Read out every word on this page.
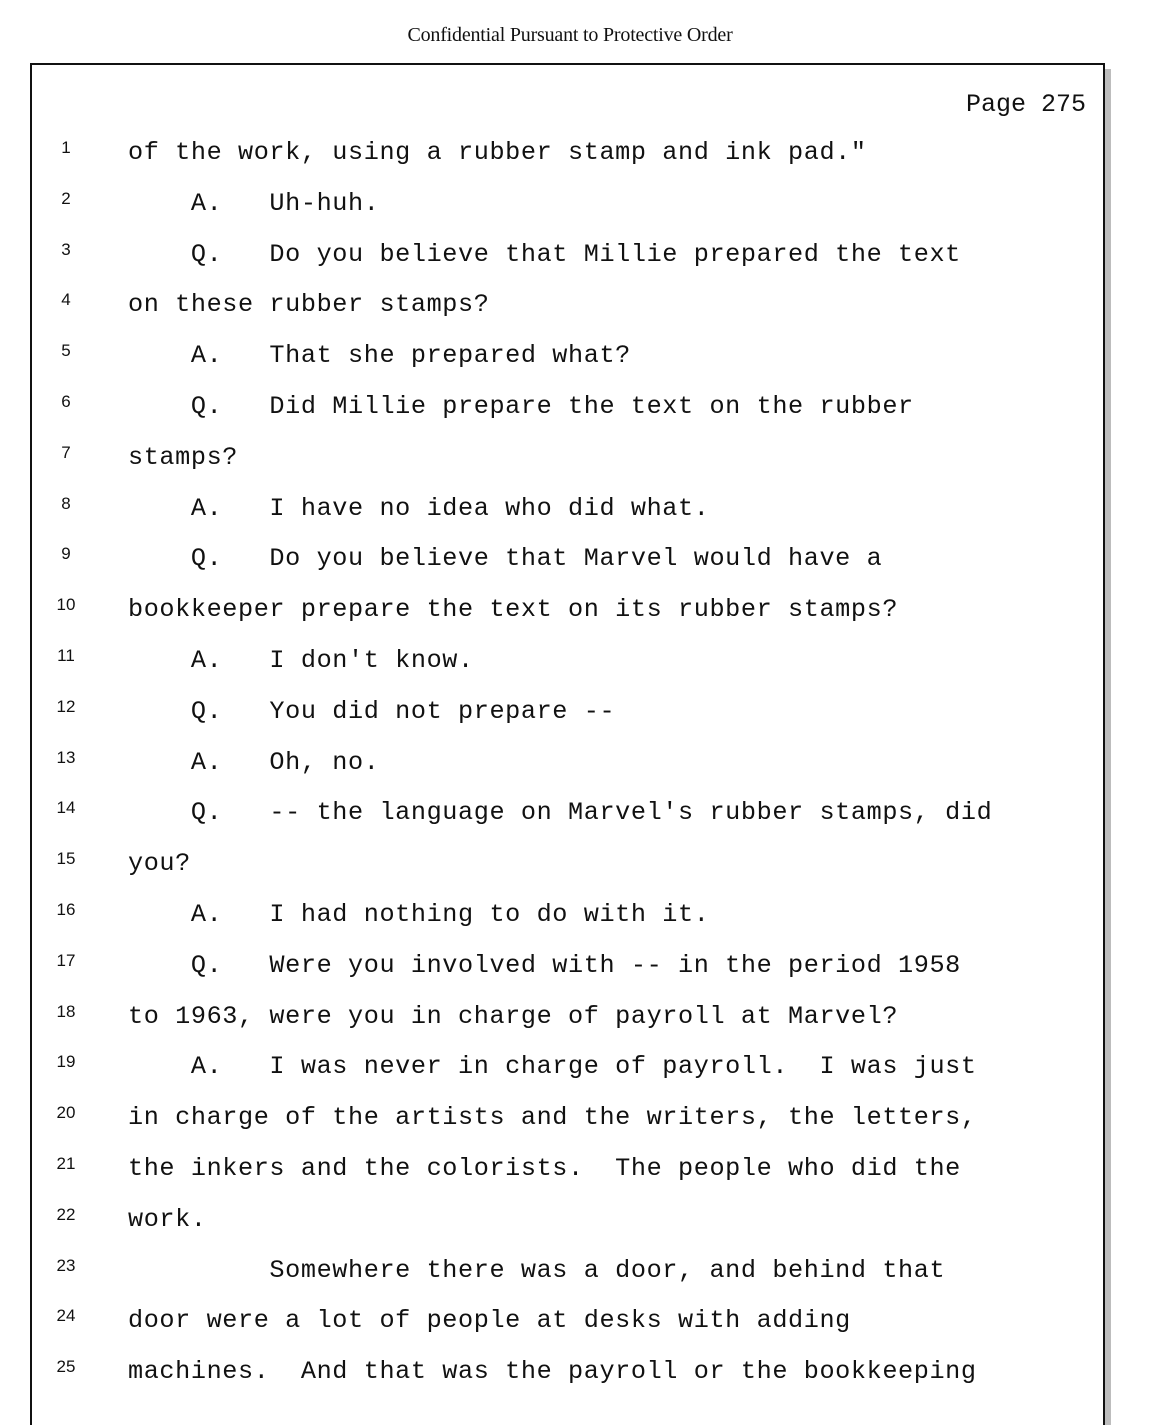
Confidential Pursuant to Protective Order
Page 275
1	of the work, using a rubber stamp and ink pad."
2	A.   Uh-huh.
3	Q.   Do you believe that Millie prepared the text
4	on these rubber stamps?
5	A.   That she prepared what?
6	Q.   Did Millie prepare the text on the rubber
7	stamps?
8	A.   I have no idea who did what.
9	Q.   Do you believe that Marvel would have a
10 bookkeeper prepare the text on its rubber stamps?
11 A.   I don't know.
12 Q.   You did not prepare --
13 A.   Oh, no.
14 Q.   -- the language on Marvel's rubber stamps, did
15 you?
16 A.   I had nothing to do with it.
17 Q.   Were you involved with -- in the period 1958
18 to 1963, were you in charge of payroll at Marvel?
19 A.   I was never in charge of payroll.  I was just
20 in charge of the artists and the writers, the letters,
21 the inkers and the colorists.  The people who did the
22 work.
23 Somewhere there was a door, and behind that
24 door were a lot of people at desks with adding
25 machines.  And that was the payroll or the bookkeeping
